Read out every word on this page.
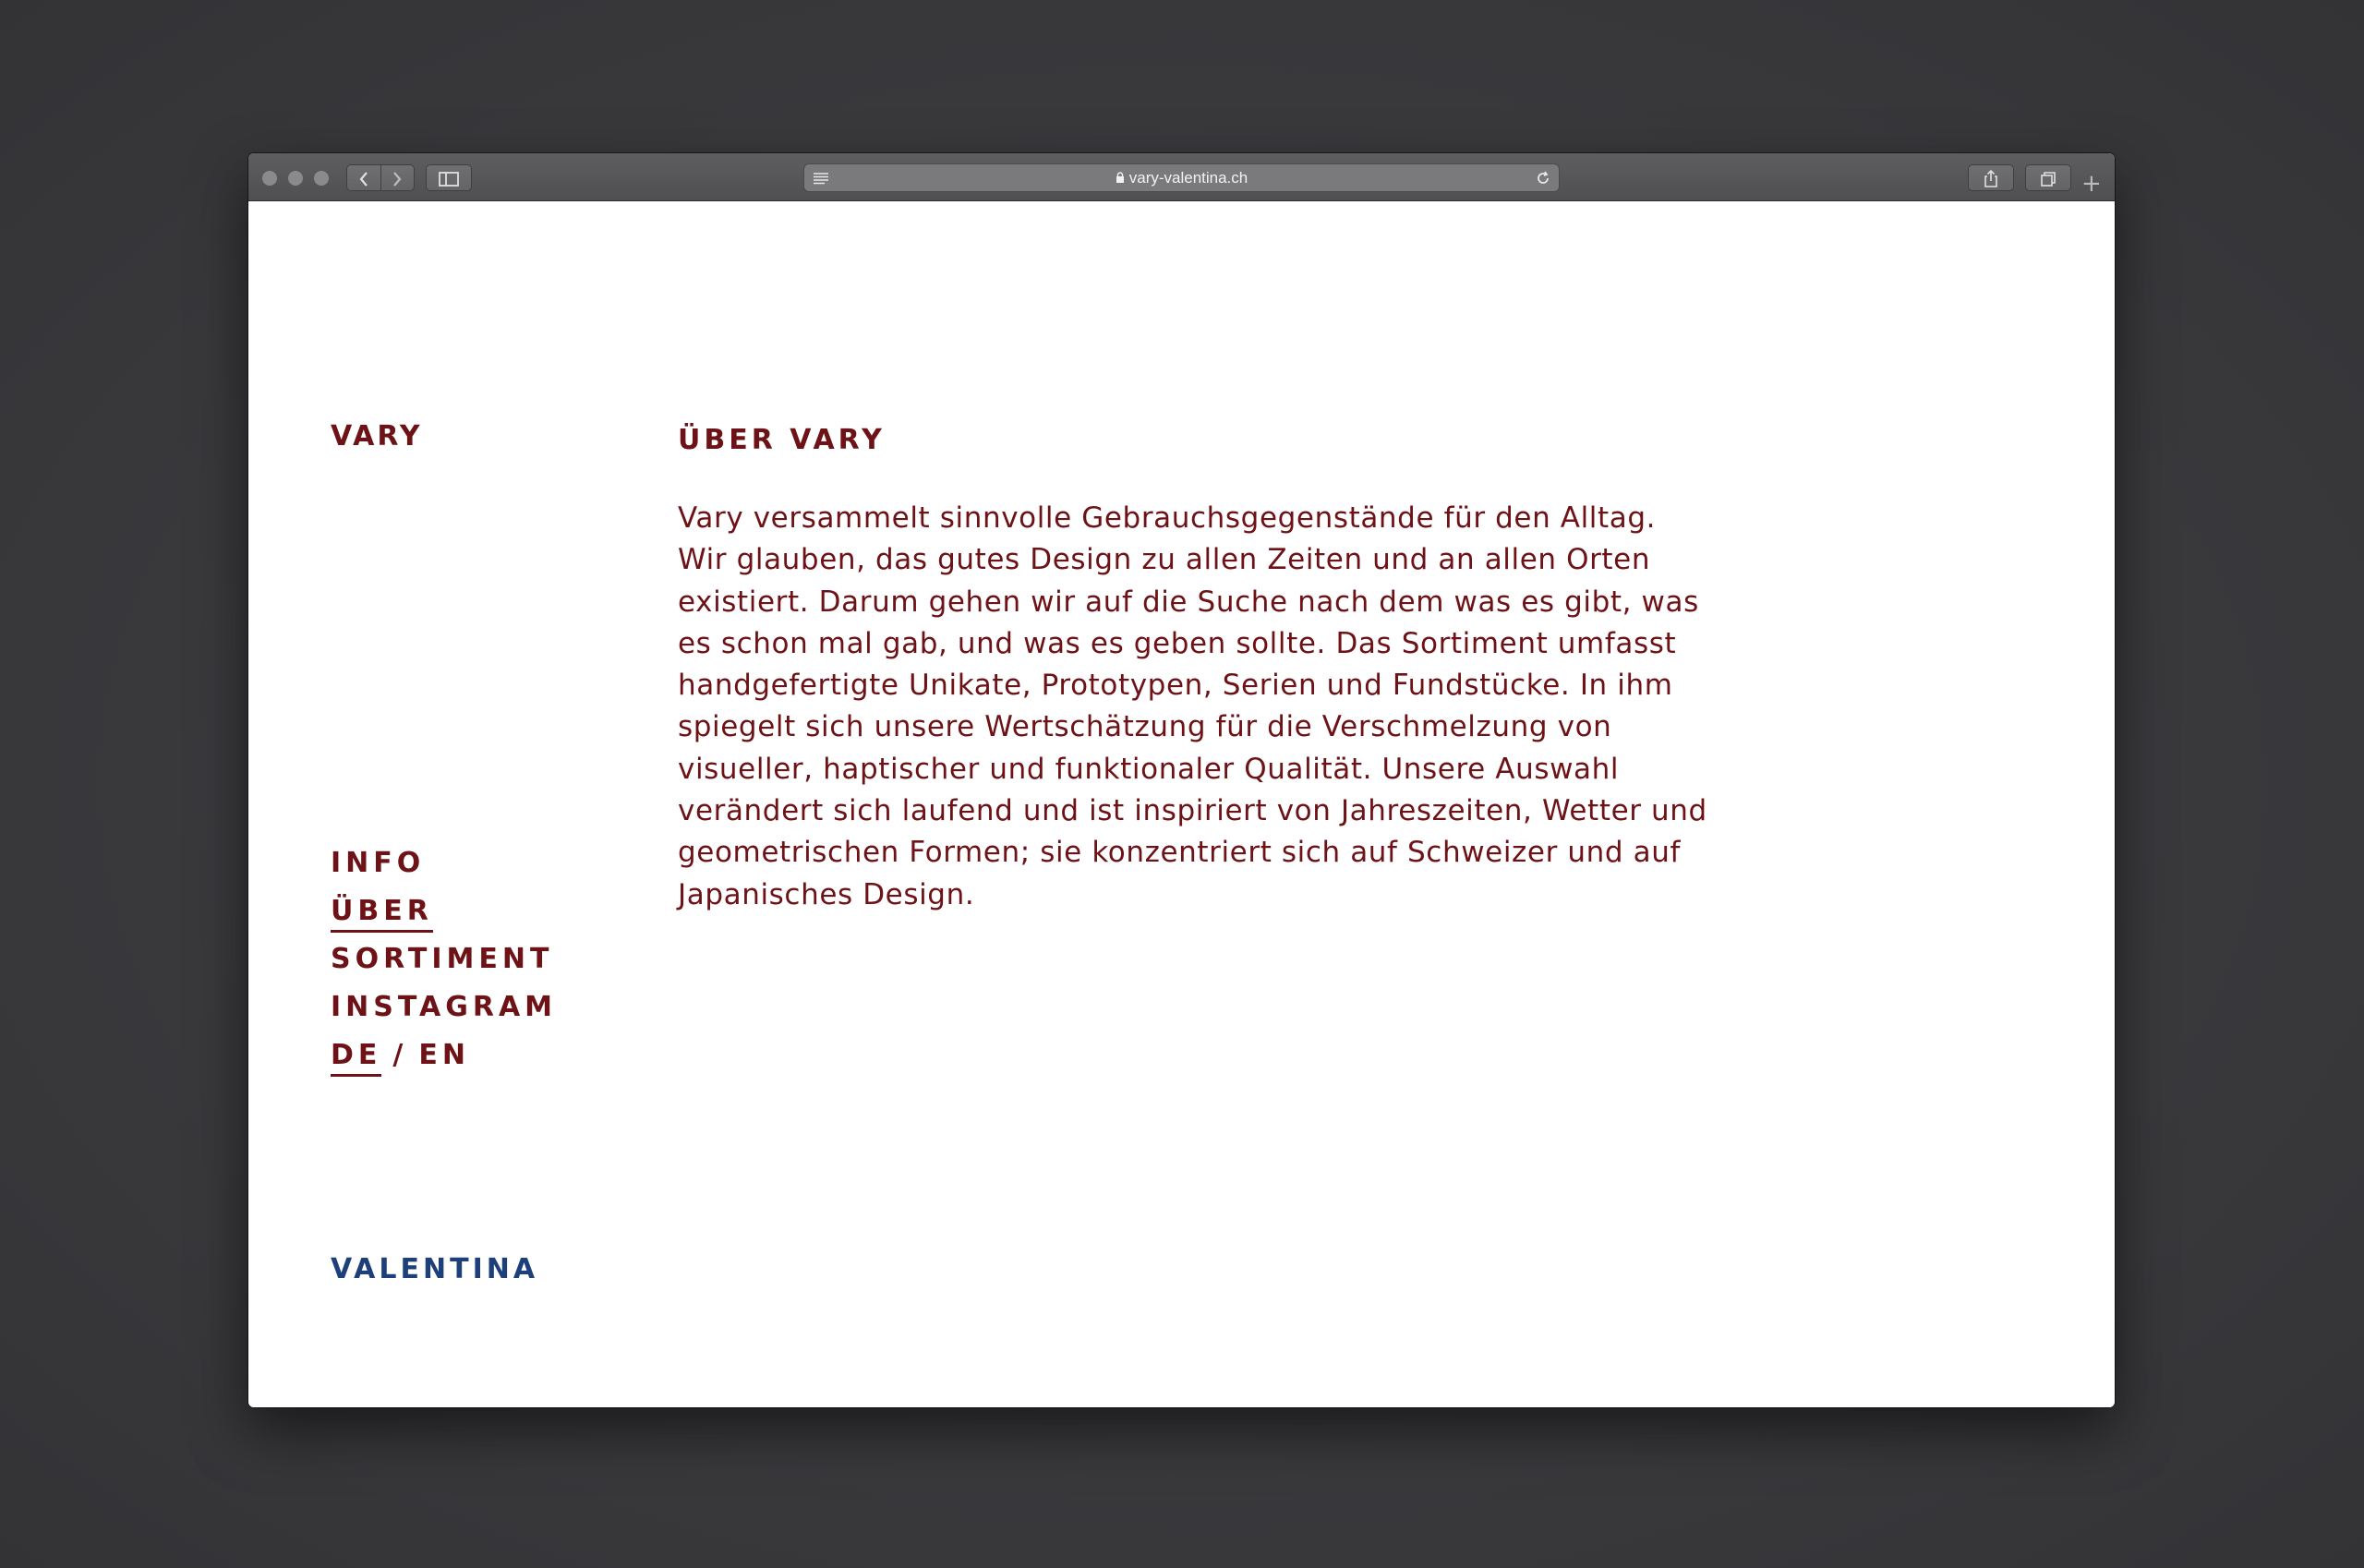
vary-valentina.ch	+
VARY	ÜBER VARY

Vary versammelt sinnvolle Gebrauchsgegenstände für den Alltag. Wir glauben, das gutes Design zu allen Zeiten und an allen Orten existiert. Darum gehen wir auf die Suche nach dem was es gibt, was es schon mal gab, und was es geben sollte. Das Sortiment umfasst handgefertigte Unikate, Prototypen, Serien und Fundstücke. In ihm spiegelt sich unsere Wertschätzung für die Verschmelzung von visueller, haptischer und funktionaler Qualität. Unsere Auswahl verändert sich laufend und ist inspiriert von Jahreszeiten, Wetter und geometrischen Formen; sie konzentriert sich auf Schweizer und auf Japanisches Design.

INFO
ÜBER
SORTIMENT
INSTAGRAM
DE / EN
VALENTINA
